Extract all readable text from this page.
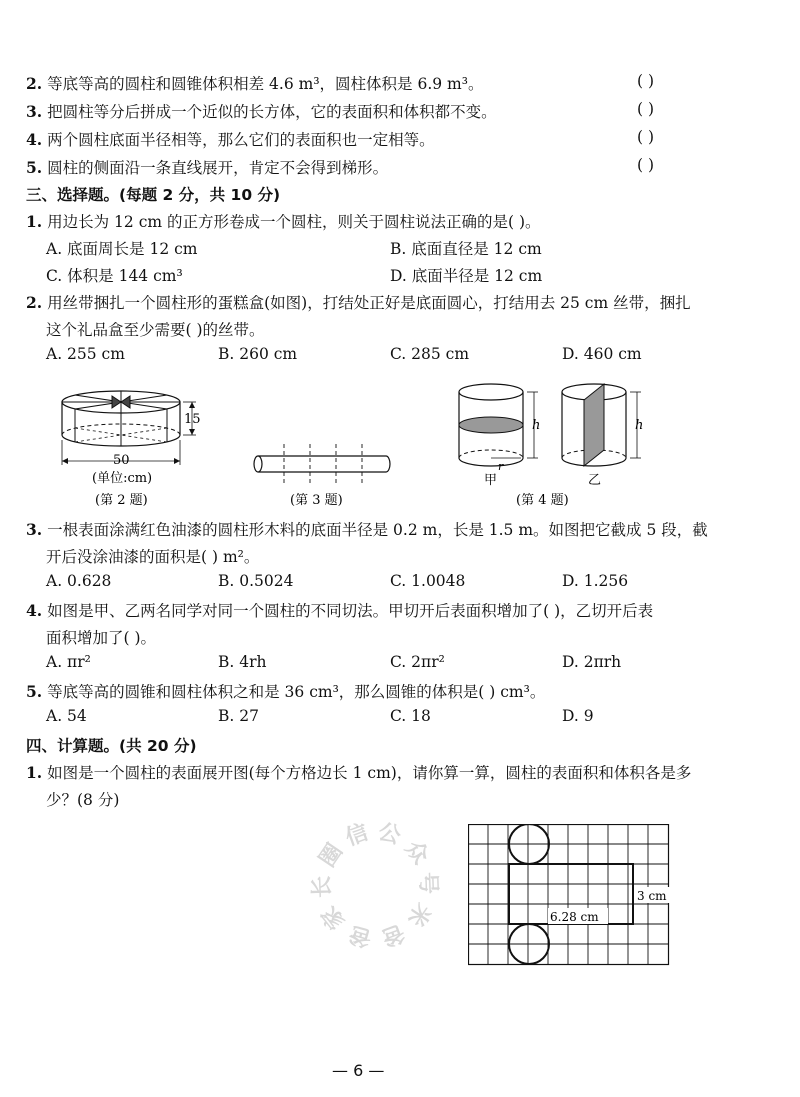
2. 等底等高的圆柱和圆锥体积相差 4.6 m³，圆柱体积是 6.9 m³。	( )
3. 把圆柱等分后拼成一个近似的长方体，它的表面积和体积都不变。	( )
4. 两个圆柱底面半径相等，那么它们的表面积也一定相等。	( )
5. 圆柱的侧面沿一条直线展开，肯定不会得到梯形。	( )
三、选择题。(每题 2 分，共 10 分)
1. 用边长为 12 cm 的正方形卷成一个圆柱，则关于圆柱说法正确的是( )。
A. 底面周长是 12 cm	B. 底面直径是 12 cm
C. 体积是 144 cm³	D. 底面半径是 12 cm
2. 用丝带捆扎一个圆柱形的蛋糕盒(如图)，打结处正好是底面圆心，打结用去 25 cm 丝带，捆扎
这个礼品盒至少需要( )的丝带。
A. 255 cm	B. 260 cm	C. 285 cm	D. 460 cm

15
50
(单位:cm)
(第 2 题)	(第 3 题)
r
h
甲
h
乙
(第 4 题)
3. 一根表面涂满红色油漆的圆柱形木料的底面半径是 0.2 m，长是 1.5 m。如图把它截成 5 段，截
开后没涂油漆的面积是( ) m²。
A. 0.628	B. 0.5024	C. 1.0048	D. 1.256
4. 如图是甲、乙两名同学对同一个圆柱的不同切法。甲切开后表面积增加了( )，乙切开后表
面积增加了( )。
A. πr²	B. 4rh	C. 2πr²	D. 2πrh
5. 等底等高的圆锥和圆柱体积之和是 36 cm³，那么圆锥的体积是( ) cm³。
A. 54	B. 27	C. 18	D. 9
四、计算题。(共 20 分)
1. 如图是一个圆柱的表面展开图(每个方格边长 1 cm)，请你算一算，圆柱的表面积和体积各是多
少？(8 分)
信 公
众
号
米
爸
爸
家
长
圈
6.28 cm
3 cm
— 6 —
